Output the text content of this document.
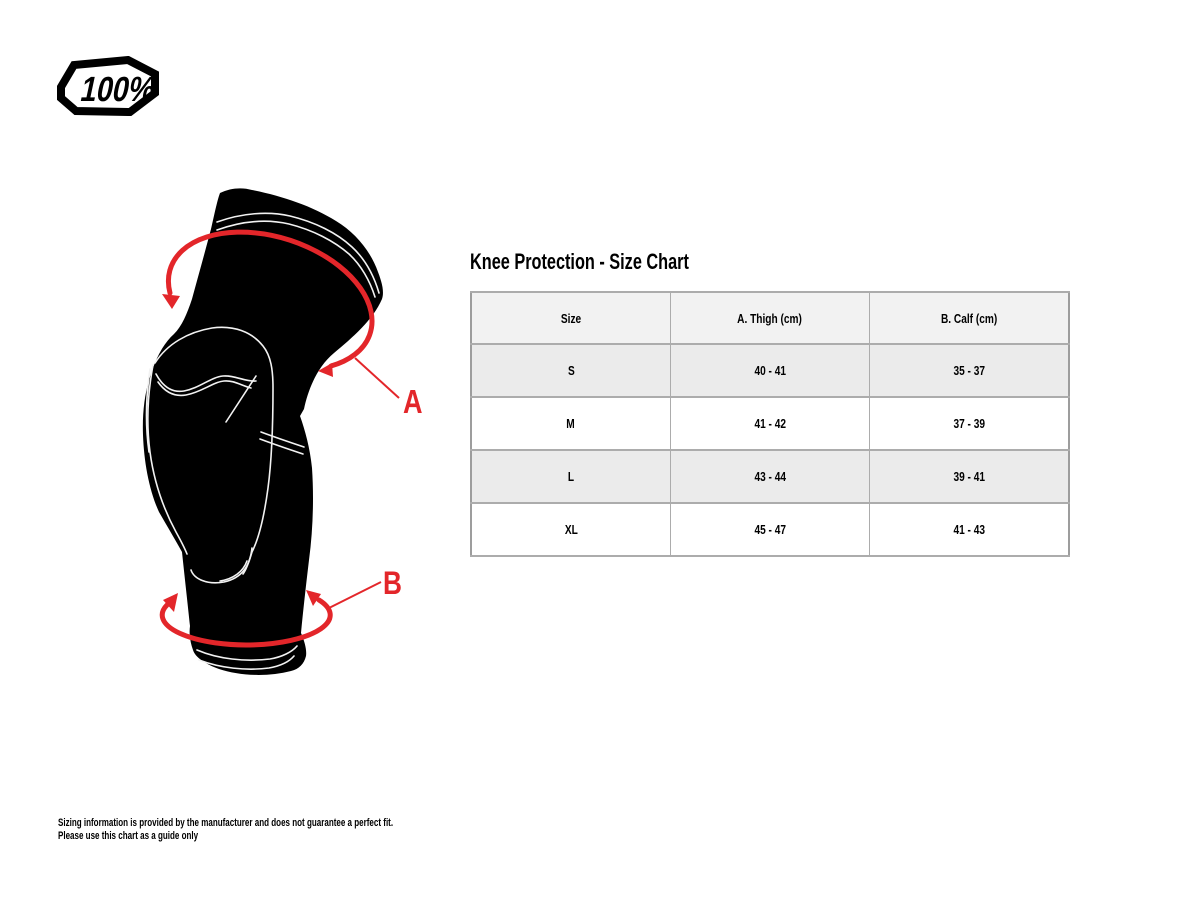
100%
A
B
Knee Protection - Size Chart
Size	A. Thigh (cm)	B. Calf (cm)
S	40 - 41	35 - 37
M	41 - 42	37 - 39
L	43 - 44	39 - 41
XL	45 - 47	41 - 43
Sizing information is provided by the manufacturer and does not guarantee a perfect fit.
Please use this chart as a guide only
